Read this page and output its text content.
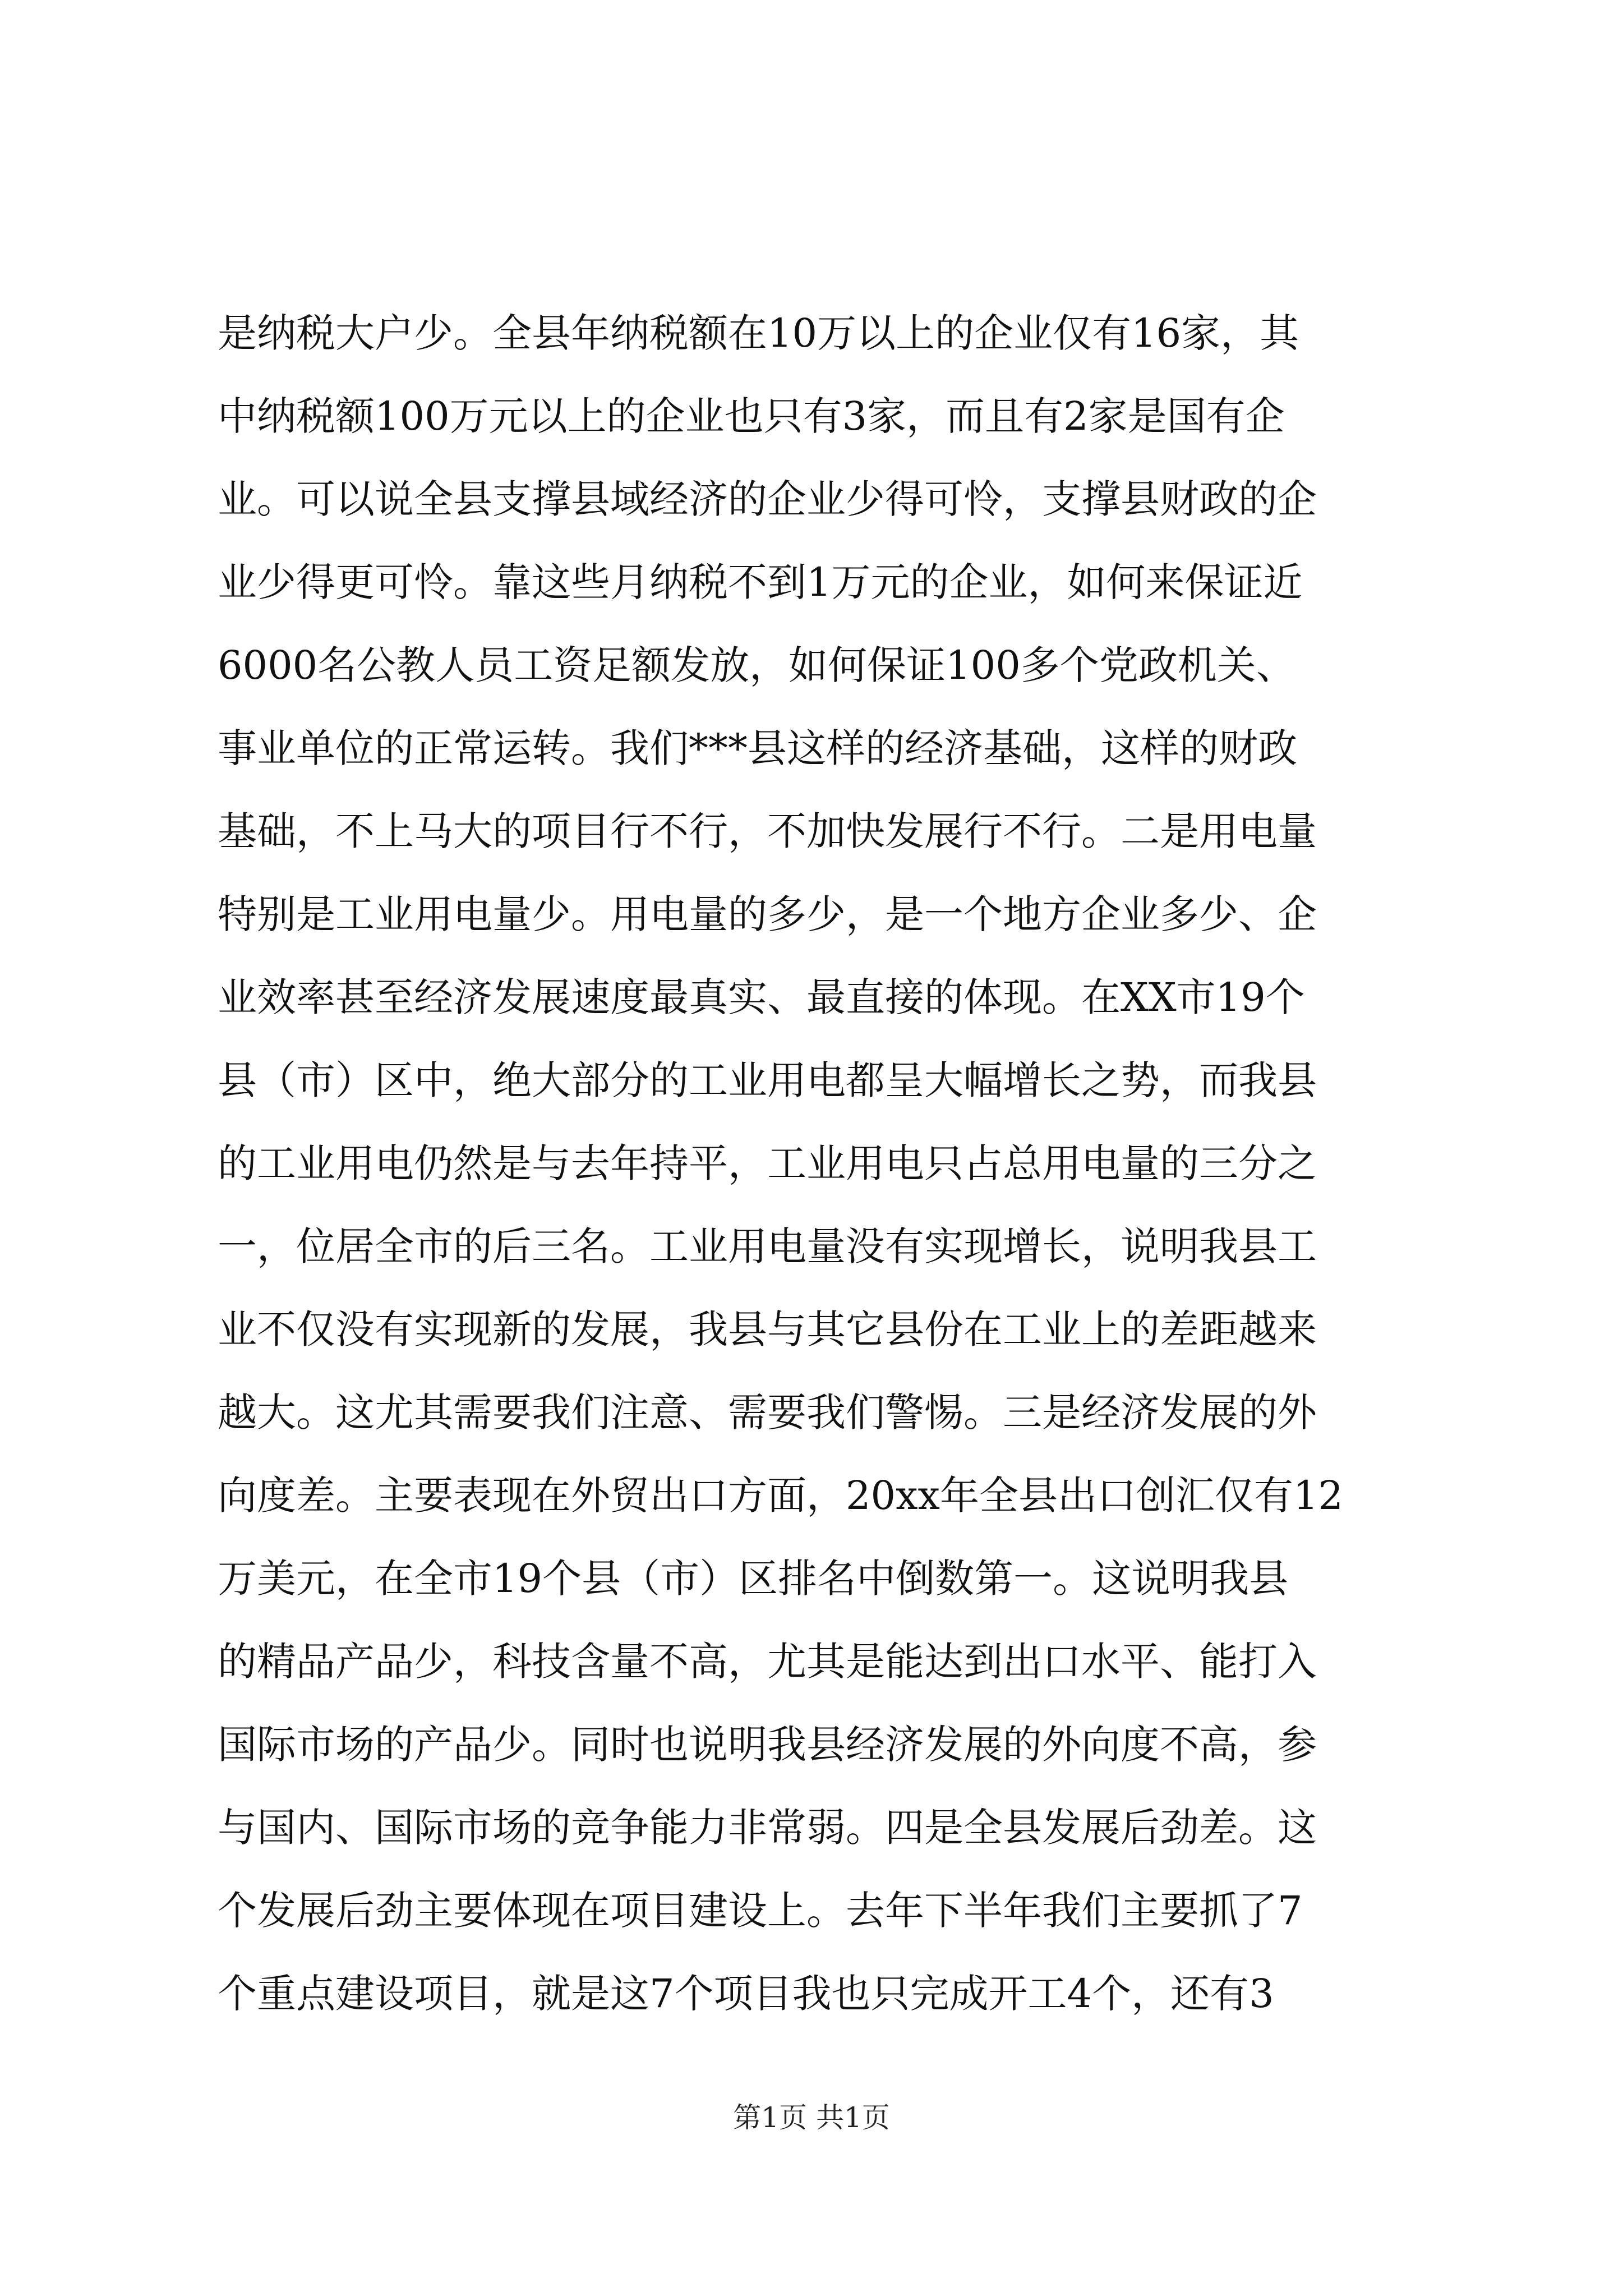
是纳税大户少。全县年纳税额在10万以上的企业仅有16家，其
中纳税额100万元以上的企业也只有3家，而且有2家是国有企
业。可以说全县支撑县域经济的企业少得可怜，支撑县财政的企
业少得更可怜。靠这些月纳税不到1万元的企业，如何来保证近
6000名公教人员工资足额发放，如何保证100多个党政机关、
事业单位的正常运转。我们***县这样的经济基础，这样的财政
基础，不上马大的项目行不行，不加快发展行不行。二是用电量
特别是工业用电量少。用电量的多少，是一个地方企业多少、企
业效率甚至经济发展速度最真实、最直接的体现。在XX市19个
县（市）区中，绝大部分的工业用电都呈大幅增长之势，而我县
的工业用电仍然是与去年持平，工业用电只占总用电量的三分之
一，位居全市的后三名。工业用电量没有实现增长，说明我县工
业不仅没有实现新的发展，我县与其它县份在工业上的差距越来
越大。这尤其需要我们注意、需要我们警惕。三是经济发展的外
向度差。主要表现在外贸出口方面，20xx年全县出口创汇仅有12
万美元，在全市19个县（市）区排名中倒数第一。这说明我县
的精品产品少，科技含量不高，尤其是能达到出口水平、能打入
国际市场的产品少。同时也说明我县经济发展的外向度不高，参
与国内、国际市场的竞争能力非常弱。四是全县发展后劲差。这
个发展后劲主要体现在项目建设上。去年下半年我们主要抓了7
个重点建设项目，就是这7个项目我也只完成开工4个，还有3
第1页 共1页
